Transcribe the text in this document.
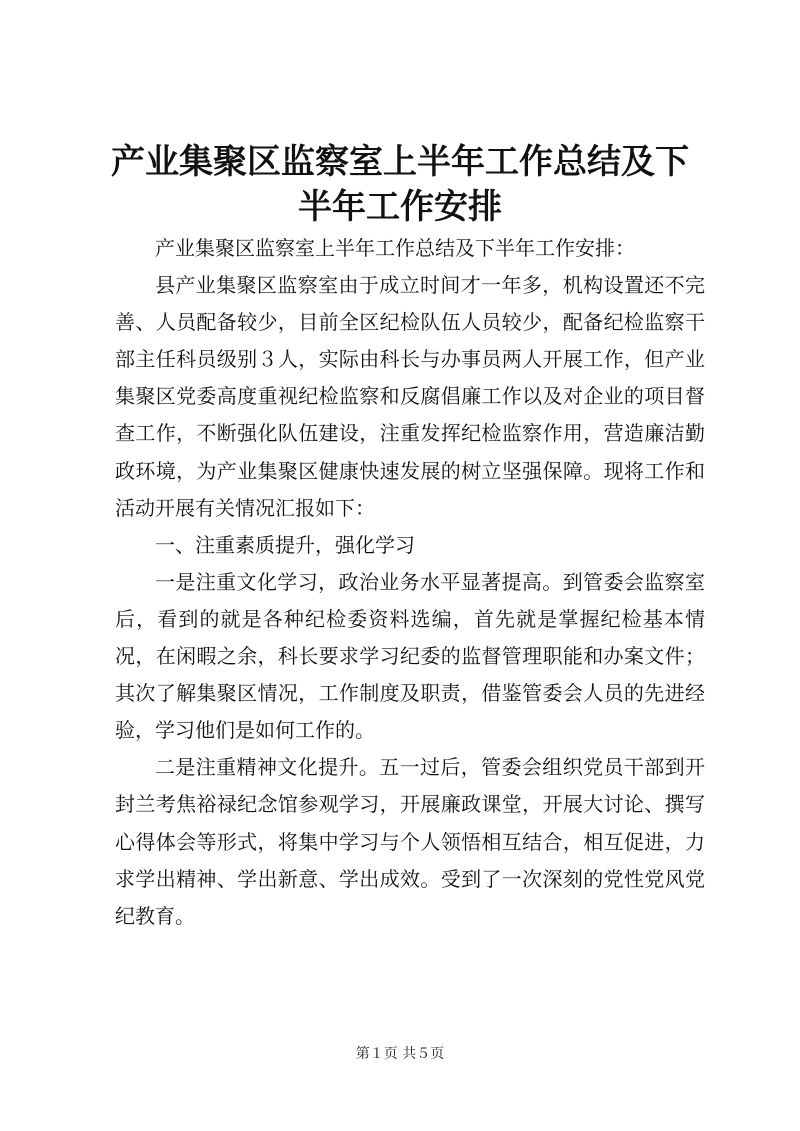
产业集聚区监察室上半年工作总结及下半年工作安排

产业集聚区监察室上半年工作总结及下半年工作安排：

县产业集聚区监察室由于成立时间才一年多，机构设置还不完善、人员配备较少，目前全区纪检队伍人员较少，配备纪检监察干部主任科员级别３人，实际由科长与办事员两人开展工作，但产业集聚区党委高度重视纪检监察和反腐倡廉工作以及对企业的项目督查工作，不断强化队伍建设，注重发挥纪检监察作用，营造廉洁勤政环境，为产业集聚区健康快速发展的树立坚强保障。现将工作和活动开展有关情况汇报如下：

一、注重素质提升，强化学习

一是注重文化学习，政治业务水平显著提高。到管委会监察室后，看到的就是各种纪检委资料选编，首先就是掌握纪检基本情况，在闲暇之余，科长要求学习纪委的监督管理职能和办案文件；其次了解集聚区情况，工作制度及职责，借鉴管委会人员的先进经验，学习他们是如何工作的。

二是注重精神文化提升。五一过后，管委会组织党员干部到开封兰考焦裕禄纪念馆参观学习，开展廉政课堂，开展大讨论、撰写心得体会等形式，将集中学习与个人领悟相互结合，相互促进，力求学出精神、学出新意、学出成效。受到了一次深刻的党性党风党纪教育。

第１页 共５页
